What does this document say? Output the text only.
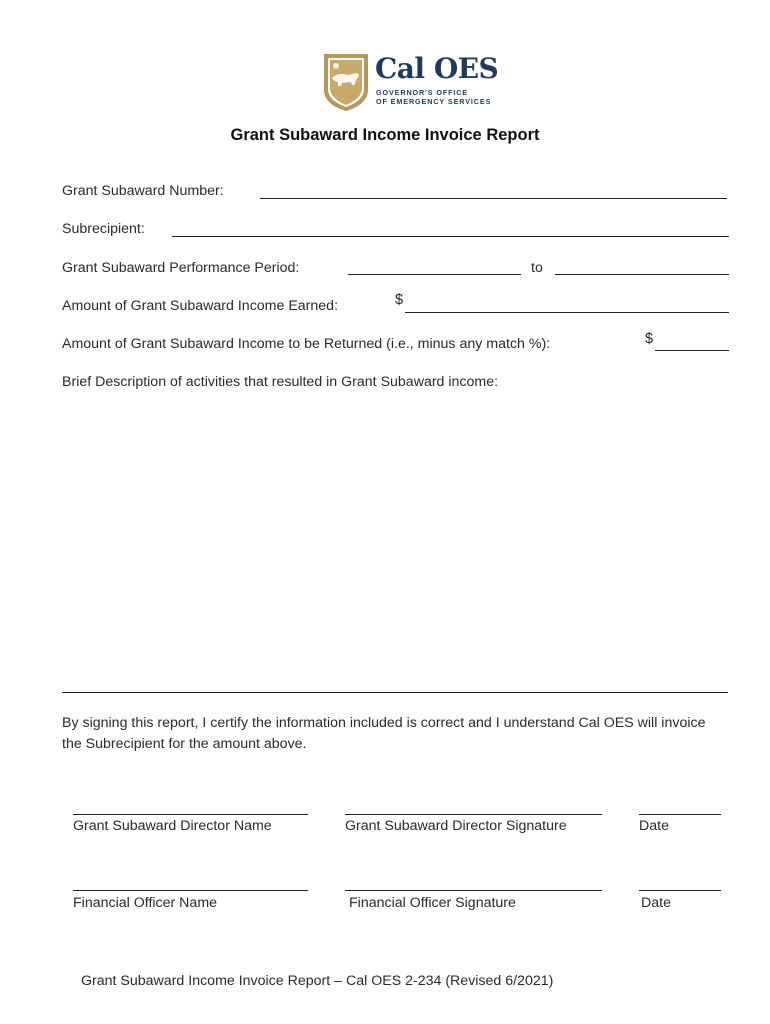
Cal OES
GOVERNOR'S OFFICE
OF EMERGENCY SERVICES
Grant Subaward Income Invoice Report
Grant Subaward Number:
Subrecipient:
Grant Subaward Performance Period:	to
Amount of Grant Subaward Income Earned:	$
Amount of Grant Subaward Income to be Returned (i.e., minus any match %):	$
Brief Description of activities that resulted in Grant Subaward income:
By signing this report, I certify the information included is correct and I understand Cal OES will invoice the Subrecipient for the amount above.
Grant Subaward Director Name	Grant Subaward Director Signature	Date
Financial Officer Name	Financial Officer Signature	Date
Grant Subaward Income Invoice Report – Cal OES 2-234 (Revised 6/2021)
